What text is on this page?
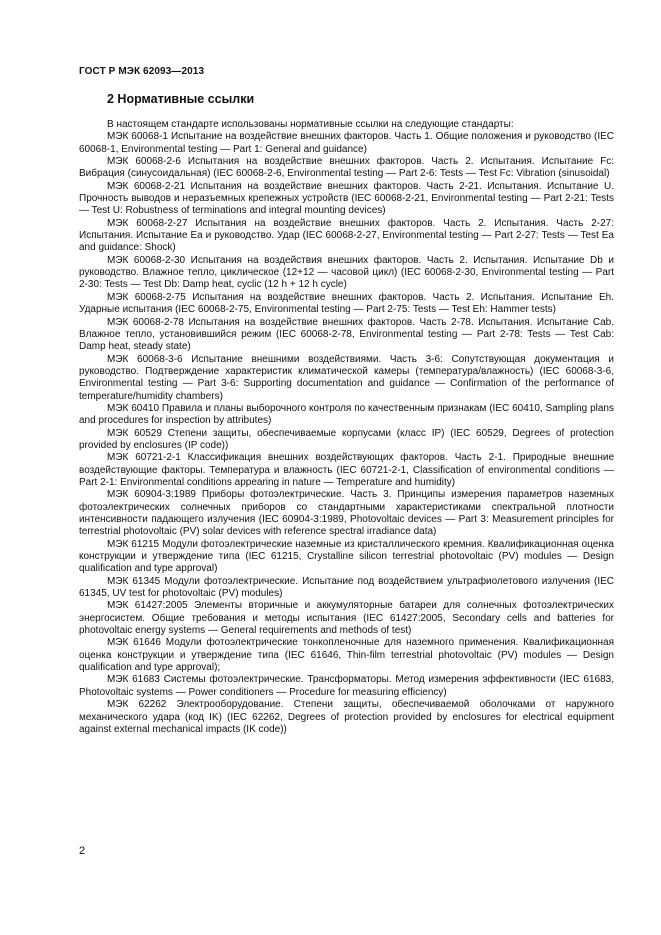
ГОСТ Р МЭК 62093—2013
2 Нормативные ссылки

В настоящем стандарте использованы нормативные ссылки на следующие стандарты:

МЭК 60068-1 Испытание на воздействие внешних факторов. Часть 1. Общие положения и руководство (IEC 60068-1, Environmental testing — Part 1: General and guidance)

МЭК 60068-2-6 Испытания на воздействие внешних факторов. Часть 2. Испытания. Испытание Fc: Вибрация (синусоидальная) (IEC 60068-2-6, Environmental testing — Part 2-6: Tests — Test Fc: Vibration (sinusoidal)

МЭК 60068-2-21 Испытания на воздействие внешних факторов. Часть 2-21. Испытания. Испытание U. Прочность выводов и неразъемных крепежных устройств (IEC 60068-2-21, Environmental testing — Part 2-21: Tests — Test U: Robustness of terminations and integral mounting devices)

МЭК 60068-2-27 Испытания на воздействие внешних факторов. Часть 2. Испытания. Часть 2-27: Испытания. Испытание Ea и руководство. Удар (IEC 60068-2-27, Environmental testing — Part 2-27: Tests — Test Ea and guidance: Shock)

МЭК 60068-2-30 Испытания на воздействия внешних факторов. Часть 2. Испытания. Испытание Db и руководство. Влажное тепло, циклическое (12+12 — часовой цикл) (IEC 60068-2-30, Environmental testing — Part 2-30: Tests — Test Db: Damp heat, cyclic (12 h + 12 h cycle)

МЭК 60068-2-75 Испытания на воздействие внешних факторов. Часть 2. Испытания. Испытание Eh. Ударные испытания (IEC 60068-2-75, Environmental testing — Part 2-75: Tests — Test Eh: Hammer tests)

МЭК 60068-2-78 Испытания на воздействие внешних факторов. Часть 2-78. Испытания. Испытание Cab. Влажное тепло, установившийся режим (IEC 60068-2-78, Environmental testing — Part 2-78: Tests — Test Cab: Damp heat, steady state)

МЭК 60068-3-6 Испытание внешними воздействиями. Часть 3-6: Сопутствующая документация и руководство. Подтверждение характеристик климатической камеры (температура/влажность) (IEC 60068-3-6, Environmental testing — Part 3-6: Supporting documentation and guidance — Confirmation of the performance of temperature/humidity chambers)

МЭК 60410 Правила и планы выборочного контроля по качественным признакам (IEC 60410, Sampling plans and procedures for inspection by attributes)

МЭК 60529 Степени защиты, обеспечиваемые корпусами (класс IP) (IEC 60529, Degrees of protection provided by enclosures (IP code))

МЭК 60721-2-1 Классификация внешних воздействующих факторов. Часть 2-1. Природные внешние воздействующие факторы. Температура и влажность (IEC 60721-2-1, Classification of environmental conditions — Part 2-1: Environmental conditions appearing in nature — Temperature and humidity)

МЭК 60904-3:1989 Приборы фотоэлектрические. Часть 3. Принципы измерения параметров наземных фотоэлектрических солнечных приборов со стандартными характеристиками спектральной плотности интенсивности падающего излучения (IEC 60904-3:1989, Photovoltaic devices — Part 3: Measurement principles for terrestrial photovoltaic (PV) solar devices with reference spectral irradiance data)

МЭК 61215 Модули фотоэлектрические наземные из кристаллического кремния. Квалификационная оценка конструкции и утверждение типа (IEC 61215, Crystalline silicon terrestrial photovoltaic (PV) modules — Design qualification and type approval)

МЭК 61345 Модули фотоэлектрические. Испытание под воздействием ультрафиолетового излучения (IEC 61345, UV test for photovoltaic (PV) modules)

МЭК 61427:2005 Элементы вторичные и аккумуляторные батареи для солнечных фотоэлектрических энергосистем. Общие требования и методы испытания (IEC 61427:2005, Secondary cells and batteries for photovoltaic energy systems — General requirements and methods of test)

МЭК 61646 Модули фотоэлектрические тонкопленочные для наземного применения. Квалификационная оценка конструкции и утверждение типа (IEC 61646, Thin-film terrestrial photovoltaic (PV) modules — Design qualification and type approval);

МЭК 61683 Системы фотоэлектрические. Трансформаторы. Метод измерения эффективности (IEC 61683, Photovoltaic systems — Power conditioners — Procedure for measuring efficiency)

МЭК 62262 Электрооборудование. Степени защиты, обеспечиваемой оболочками от наружного механического удара (код IK) (IEC 62262, Degrees of protection provided by enclosures for electrical equipment against external mechanical impacts (IK code))

2
